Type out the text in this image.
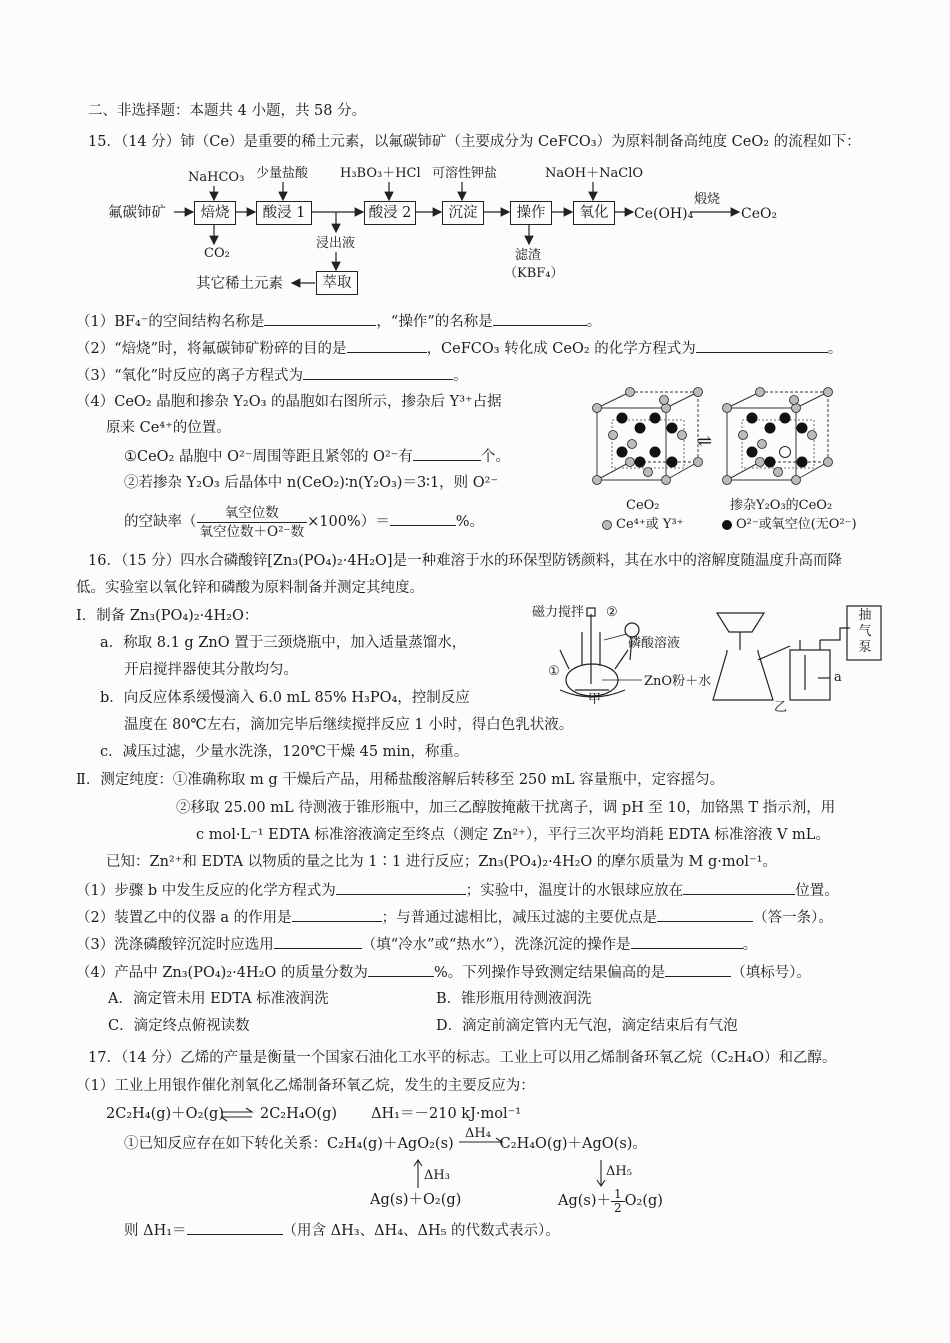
二、非选择题：本题共 4 小题，共 58 分。
15．（14 分）铈（Ce）是重要的稀土元素，以氟碳铈矿（主要成分为 CeFCO₃）为原料制备高纯度 CeO₂ 的流程如下：
NaHCO₃ 少量盐酸 H₃BO₃＋HCl 可溶性钾盐	NaOH＋NaClO
氟碳铈矿	焙烧	酸浸 1	酸浸 2	沉淀	操作	氧化
萃取
Ce(OH)₄
煅烧
CeO₂
CO₂
浸出液
其它稀土元素
滤渣
（KBF₄）
（1）BF₄⁻的空间结构名称是	，“操作”的名称是	。
（2）“焙烧”时，将氟碳铈矿粉碎的目的是	，CeFCO₃ 转化成 CeO₂ 的化学方程式为	。
（3）“氧化”时反应的离子方程式为	。
（4）CeO₂ 晶胞和掺杂 Y₂O₃ 的晶胞如右图所示，掺杂后 Y³⁺占据
原来 Ce⁴⁺的位置。
①CeO₂ 晶胞中 O²⁻周围等距且紧邻的 O²⁻有	个。
②若掺杂 Y₂O₃ 后晶体中 n(CeO₂)∶n(Y₂O₃)＝3∶1，则 O²⁻
的空缺率（ $\frac{\text{氧空位数}}{\text{氧空位数＋O²⁻数}} \times 100\%)=$	%。
⇌
CeO₂	掺杂Y₂O₃的CeO₂
Ce⁴⁺或 Y³⁺	O²⁻或氧空位(无O²⁻)
16．（15 分）四水合磷酸锌[Zn₃(PO₄)₂·4H₂O]是一种难溶于水的环保型防锈颜料，其在水中的溶解度随温度升高而降
低。实验室以氧化锌和磷酸为原料制备并测定其纯度。
Ⅰ．制备 Zn₃(PO₄)₂·4H₂O：
a．称取 8.1 g ZnO 置于三颈烧瓶中，加入适量蒸馏水，
开启搅拌器使其分散均匀。
b．向反应体系缓慢滴入 6.0 mL 85% H₃PO₄，控制反应
温度在 80℃左右，滴加完毕后继续搅拌反应 1 小时，得白色乳状液。
c．减压过滤，少量水洗涤，120℃干燥 45 min，称重。
磁力搅拌 ②
磷酸溶液
①
ZnO粉＋水
甲
抽气泵
a
乙
Ⅱ．测定纯度：①准确称取 m g 干燥后产品，用稀盐酸溶解后转移至 250 mL 容量瓶中，定容摇匀。
②移取 25.00 mL 待测液于锥形瓶中，加三乙醇胺掩蔽干扰离子，调 pH 至 10，加铬黑 T 指示剂，用
c mol·L⁻¹ EDTA 标准溶液滴定至终点（测定 Zn²⁺），平行三次平均消耗 EDTA 标准溶液 V mL。
已知：Zn²⁺和 EDTA 以物质的量之比为 1∶1 进行反应；Zn₃(PO₄)₂·4H₂O 的摩尔质量为 M g·mol⁻¹。
（1）步骤 b 中发生反应的化学方程式为	；实验中，温度计的水银球应放在	位置。
（2）装置乙中的仪器 a 的作用是	；与普通过滤相比，减压过滤的主要优点是	（答一条）。
（3）洗涤磷酸锌沉淀时应选用	（填“冷水”或“热水”），洗涤沉淀的操作是	。
（4）产品中 Zn₃(PO₄)₂·4H₂O 的质量分数为	%。下列操作导致测定结果偏高的是	（填标号）。
A．滴定管未用 EDTA 标准液润洗	B．锥形瓶用待测液润洗
C．滴定终点俯视读数	D．滴定前滴定管内无气泡，滴定结束后有气泡
17．（14 分）乙烯的产量是衡量一个国家石油化工水平的标志。工业上可以用乙烯制备环氧乙烷（C₂H₄O）和乙醇。
（1）工业上用银作催化剂氧化乙烯制备环氧乙烷，发生的主要反应为：
2C₂H₄(g)＋O₂(g) 2C₂H₄O(g) ΔH₁＝－210 kJ·mol⁻¹
①已知反应存在如下转化关系：C₂H₄(g)＋AgO₂(s)	C₂H₄O(g)＋AgO(s)。
ΔH₄
ΔH₃	ΔH₅
Ag(s)＋O₂(g)	$Ag(s)+ \frac{1}{2} O_2(g)$
则 ΔH₁＝	（用含 ΔH₃、ΔH₄、ΔH₅ 的代数式表示）。
